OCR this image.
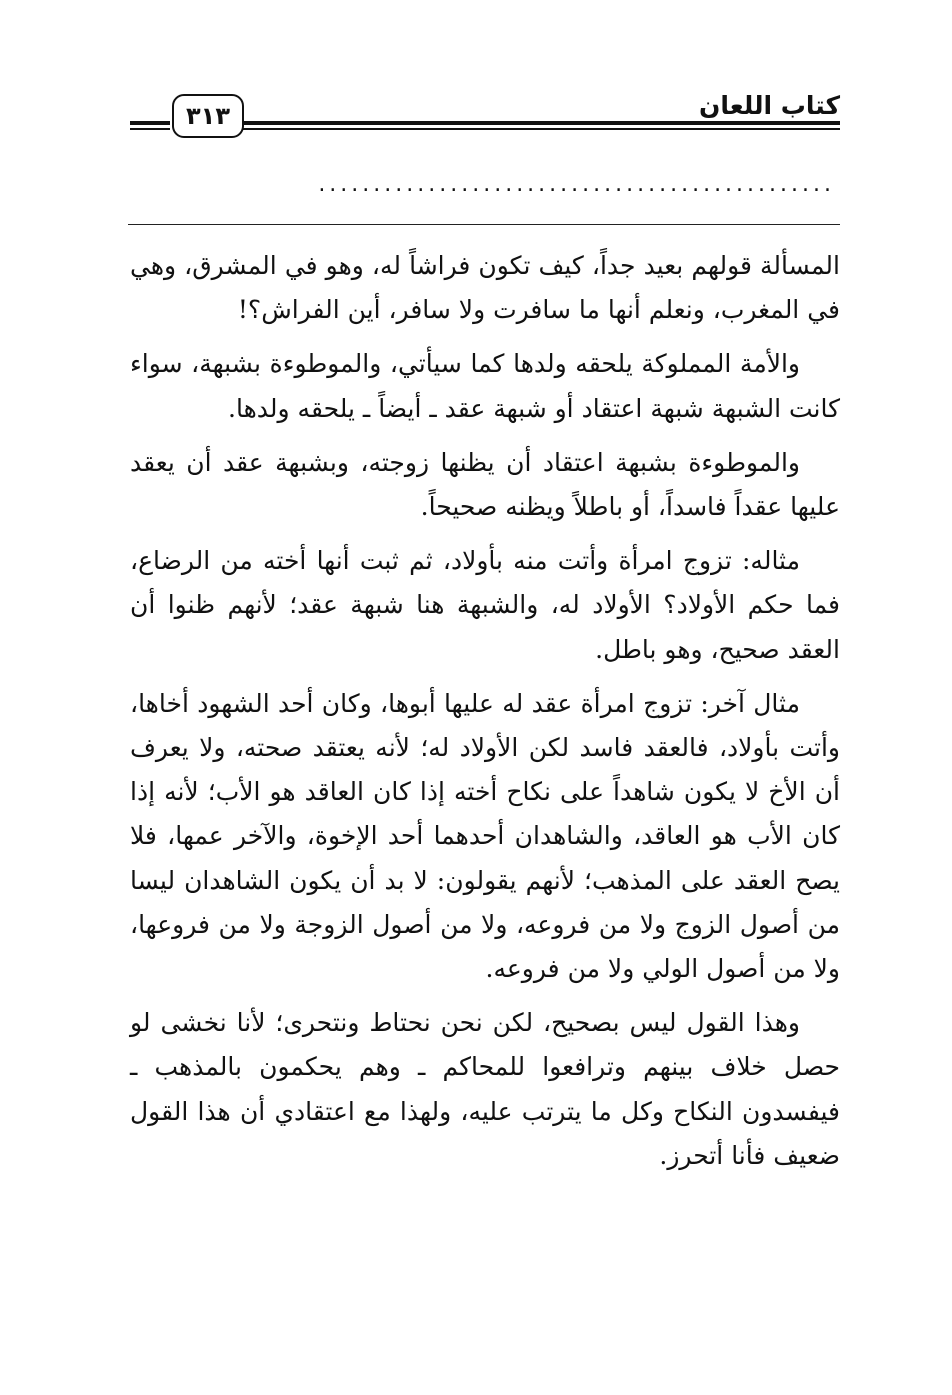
كتاب اللعان
٣١٣
...............................................

المسألة قولهم بعيد جداً، كيف تكون فراشاً له، وهو في المشرق، وهي في المغرب، ونعلم أنها ما سافرت ولا سافر، أين الفراش؟!

والأمة المملوكة يلحقه ولدها كما سيأتي، والموطوءة بشبهة، سواء كانت الشبهة شبهة اعتقاد أو شبهة عقد ـ أيضاً ـ يلحقه ولدها.

والموطوءة بشبهة اعتقاد أن يظنها زوجته، وبشبهة عقد أن يعقد عليها عقداً فاسداً، أو باطلاً ويظنه صحيحاً.

مثاله: تزوج امرأة وأتت منه بأولاد، ثم ثبت أنها أخته من الرضاع، فما حكم الأولاد؟ الأولاد له، والشبهة هنا شبهة عقد؛ لأنهم ظنوا أن العقد صحيح، وهو باطل.

مثال آخر: تزوج امرأة عقد له عليها أبوها، وكان أحد الشهود أخاها، وأتت بأولاد، فالعقد فاسد لكن الأولاد له؛ لأنه يعتقد صحته، ولا يعرف أن الأخ لا يكون شاهداً على نكاح أخته إذا كان العاقد هو الأب؛ لأنه إذا كان الأب هو العاقد، والشاهدان أحدهما أحد الإخوة، والآخر عمها، فلا يصح العقد على المذهب؛ لأنهم يقولون: لا بد أن يكون الشاهدان ليسا من أصول الزوج ولا من فروعه، ولا من أصول الزوجة ولا من فروعها، ولا من أصول الولي ولا من فروعه.

وهذا القول ليس بصحيح، لكن نحن نحتاط ونتحرى؛ لأنا نخشى لو حصل خلاف بينهم وترافعوا للمحاكم ـ وهم يحكمون بالمذهب ـ فيفسدون النكاح وكل ما يترتب عليه، ولهذا مع اعتقادي أن هذا القول ضعيف فأنا أتحرز.
